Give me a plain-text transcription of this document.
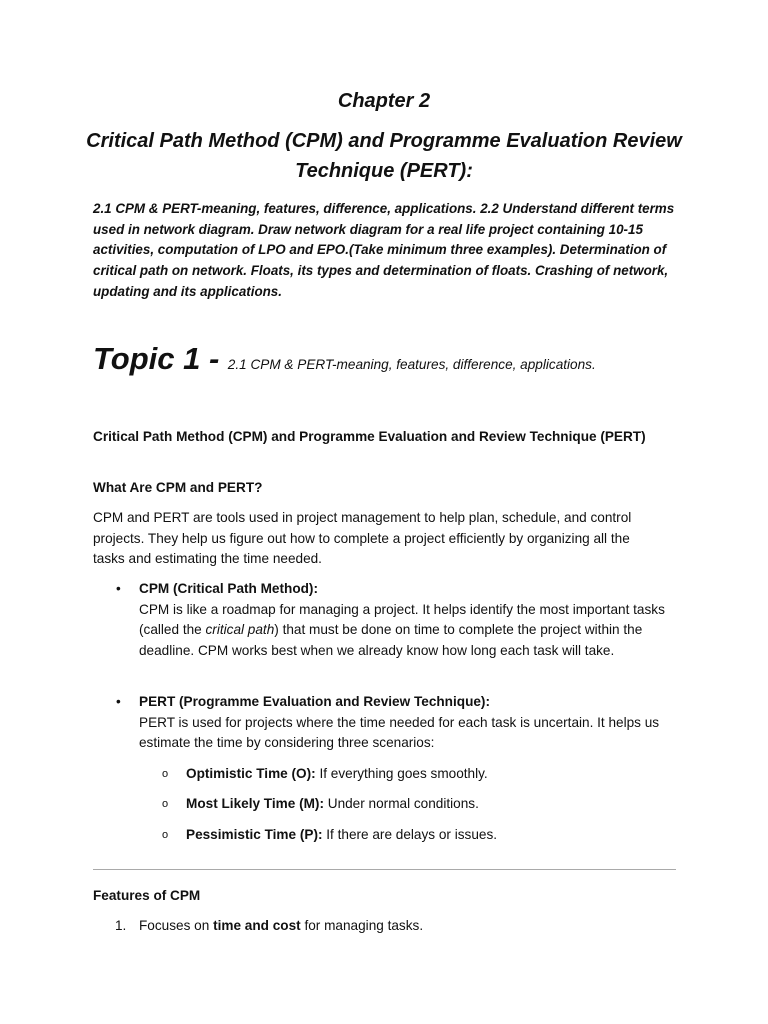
Chapter 2
Critical Path Method (CPM) and Programme Evaluation Review Technique (PERT):
2.1 CPM & PERT-meaning, features, difference, applications. 2.2 Understand different terms used in network diagram. Draw network diagram for a real life project containing 10-15 activities, computation of LPO and EPO.(Take minimum three examples). Determination of critical path on network. Floats, its types and determination of floats. Crashing of network, updating and its applications.
Topic 1 - 2.1 CPM & PERT-meaning, features, difference, applications.
Critical Path Method (CPM) and Programme Evaluation and Review Technique (PERT)
What Are CPM and PERT?
CPM and PERT are tools used in project management to help plan, schedule, and control projects. They help us figure out how to complete a project efficiently by organizing all the tasks and estimating the time needed.
• CPM (Critical Path Method):
CPM is like a roadmap for managing a project. It helps identify the most important tasks (called the critical path) that must be done on time to complete the project within the deadline. CPM works best when we already know how long each task will take.
• PERT (Programme Evaluation and Review Technique):
PERT is used for projects where the time needed for each task is uncertain. It helps us estimate the time by considering three scenarios:
o Optimistic Time (O): If everything goes smoothly.
o Most Likely Time (M): Under normal conditions.
o Pessimistic Time (P): If there are delays or issues.
Features of CPM
1. Focuses on time and cost for managing tasks.
